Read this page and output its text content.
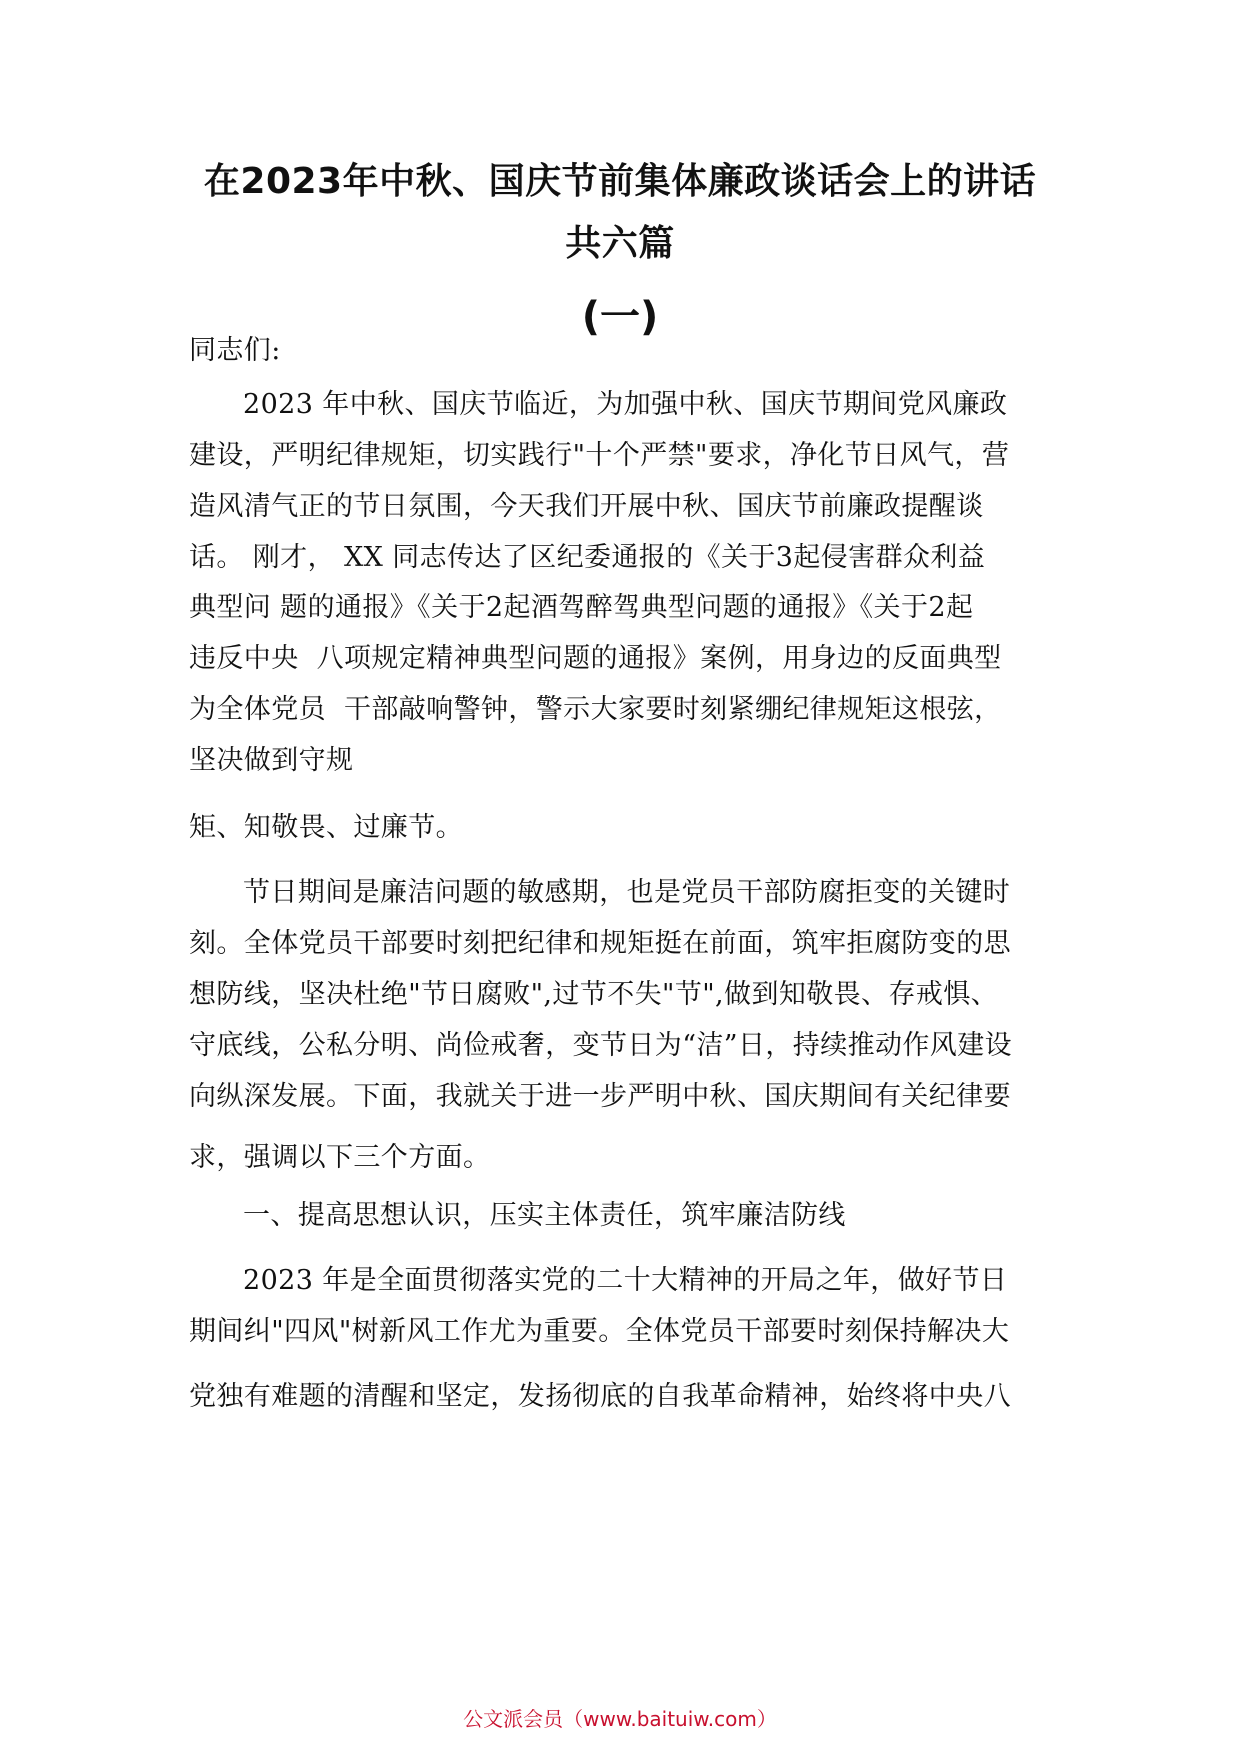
在2023年中秋、国庆节前集体廉政谈话会上的讲话
共六篇
(一)
同志们:
2023 年中秋、国庆节临近，为加强中秋、国庆节期间党风廉政
建设，严明纪律规矩，切实践行"十个严禁"要求，净化节日风气，营
造风清气正的节日氛围，今天我们开展中秋、国庆节前廉政提醒谈
话。 刚才， XX 同志传达了区纪委通报的《关于3起侵害群众利益
典型问 题的通报》《关于2起酒驾醉驾典型问题的通报》《关于2起
违反中央  八项规定精神典型问题的通报》案例，用身边的反面典型
为全体党员  干部敲响警钟，警示大家要时刻紧绷纪律规矩这根弦，
坚决做到守规
矩、知敬畏、过廉节。
节日期间是廉洁问题的敏感期，也是党员干部防腐拒变的关键时
刻。全体党员干部要时刻把纪律和规矩挺在前面，筑牢拒腐防变的思
想防线，坚决杜绝"节日腐败",过节不失"节",做到知敬畏、存戒惧、
守底线，公私分明、尚俭戒奢，变节日为“洁”日，持续推动作风建设
向纵深发展。下面，我就关于进一步严明中秋、国庆期间有关纪律要
求，强调以下三个方面。
一、提高思想认识，压实主体责任，筑牢廉洁防线
2023 年是全面贯彻落实党的二十大精神的开局之年，做好节日
期间纠"四风"树新风工作尤为重要。全体党员干部要时刻保持解决大
党独有难题的清醒和坚定，发扬彻底的自我革命精神，始终将中央八
公文派会员（www.baituiw.com）
